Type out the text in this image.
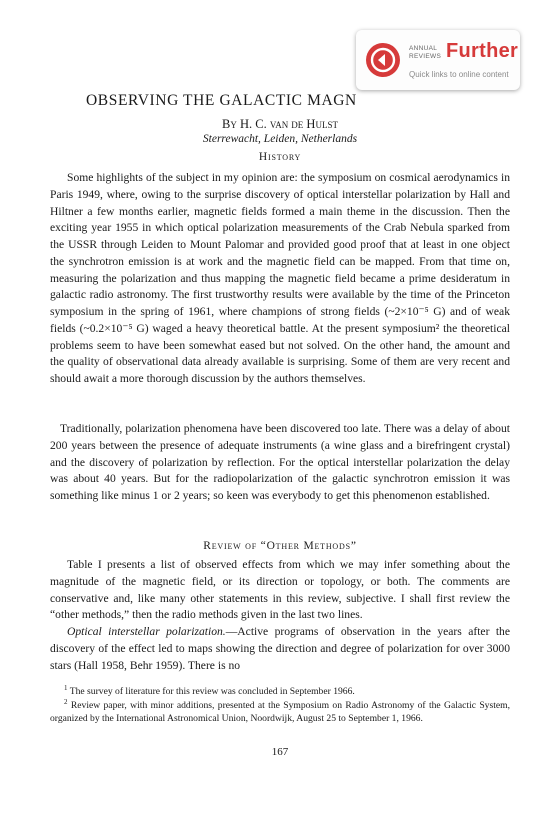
ANNUAL
REVIEWS Further
Quick links to online content
OBSERVING THE GALACTIC MAGN
By H. C. van de Hulst
Sterrewacht, Leiden, Netherlands
History

Some highlights of the subject in my opinion are: the symposium on cosmical aerodynamics in Paris 1949, where, owing to the surprise discovery of optical interstellar polarization by Hall and Hiltner a few months earlier, magnetic fields formed a main theme in the discussion. Then the exciting year 1955 in which optical polarization measurements of the Crab Nebula sparked from the USSR through Leiden to Mount Palomar and provided good proof that at least in one object the synchrotron emission is at work and the magnetic field can be mapped. From that time on, measuring the polarization and thus mapping the magnetic field became a prime desideratum in galactic radio astronomy. The first trustworthy results were available by the time of the Princeton symposium in the spring of 1961, where champions of strong fields (~2×10⁻⁵ G) and of weak fields (~0.2×10⁻⁵ G) waged a heavy theoretical battle. At the present symposium² the theoretical problems seem to have been somewhat eased but not solved. On the other hand, the amount and the quality of observational data already available is surprising. Some of them are very recent and should await a more thorough discussion by the authors themselves.

Traditionally, polarization phenomena have been discovered too late. There was a delay of about 200 years between the presence of adequate instruments (a wine glass and a birefringent crystal) and the discovery of polarization by reflection. For the optical interstellar polarization the delay was about 40 years. But for the radiopolarization of the galactic synchrotron emission it was something like minus 1 or 2 years; so keen was everybody to get this phenomenon established.

Review of “Other Methods”

Table I presents a list of observed effects from which we may infer something about the magnitude of the magnetic field, or its direction or topology, or both. The comments are conservative and, like many other statements in this review, subjective. I shall first review the “other methods,” then the radio methods given in the last two lines.

Optical interstellar polarization.—Active programs of observation in the years after the discovery of the effect led to maps showing the direction and degree of polarization for over 3000 stars (Hall 1958, Behr 1959). There is no

$^1$ The survey of literature for this review was concluded in September 1966.

$^2$ Review paper, with minor additions, presented at the Symposium on Radio Astronomy of the Galactic System, organized by the International Astronomical Union, Noordwijk, August 25 to September 1, 1966.

167
